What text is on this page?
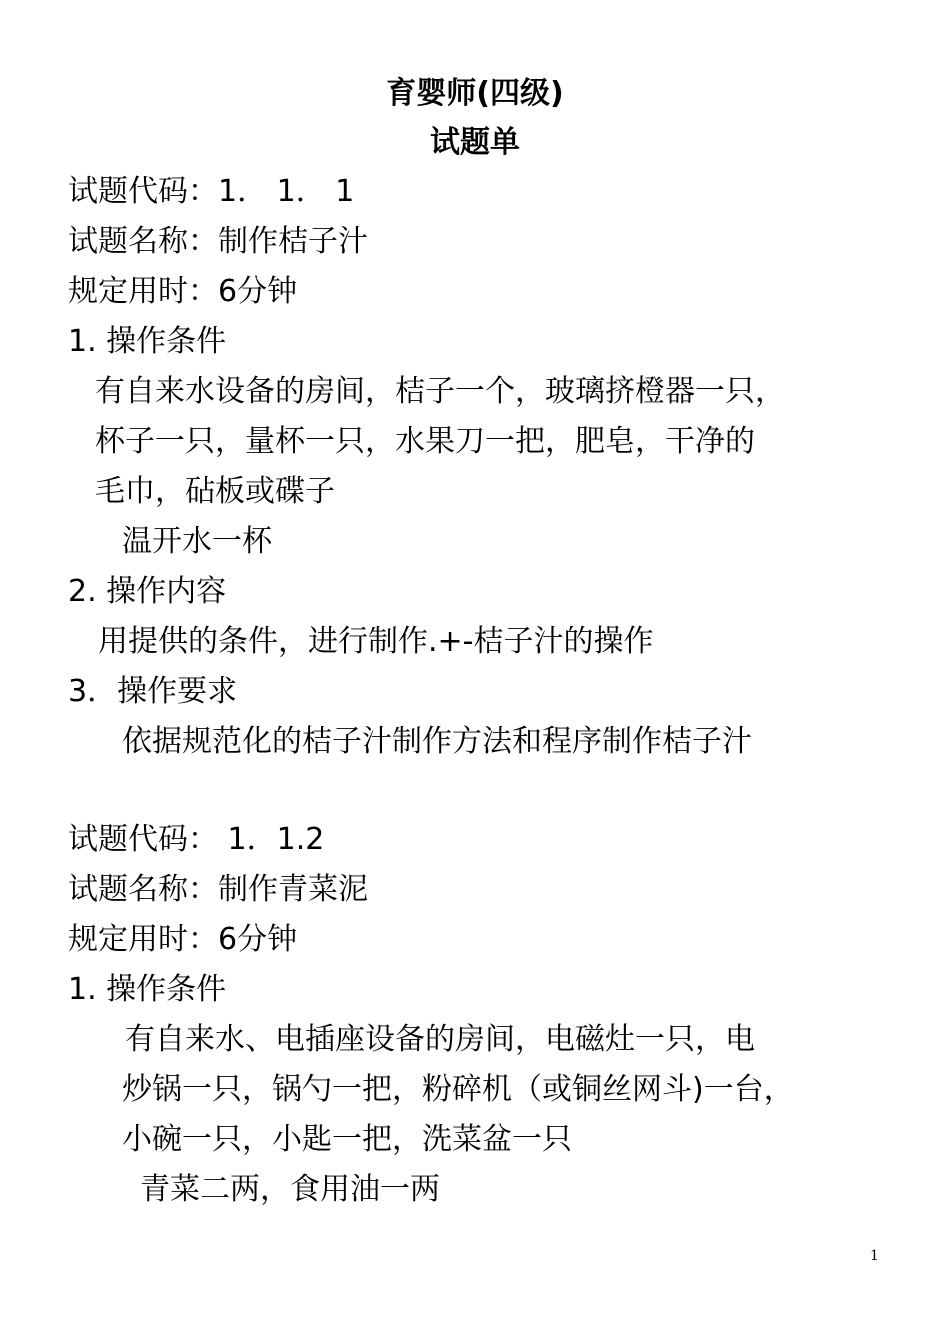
育婴师(四级)
试题单
试题代码：1． 1． 1
试题名称：制作桔子汁
规定用时：6分钟
1. 操作条件
有自来水设备的房间，桔子一个，玻璃挤橙器一只，
杯子一只，量杯一只，水果刀一把，肥皂，干净的
毛巾，砧板或碟子
温开水一杯
2. 操作内容
用提供的条件，进行制作.+-桔子汁的操作
3．操作要求
依据规范化的桔子汁制作方法和程序制作桔子汁
试题代码： 1．1.2
试题名称：制作青菜泥
规定用时：6分钟
1. 操作条件
有自来水、电插座设备的房间，电磁灶一只，电
炒锅一只，锅勺一把，粉碎机（或铜丝网斗)一台，
小碗一只，小匙一把，洗菜盆一只
青菜二两，食用油一两
1
